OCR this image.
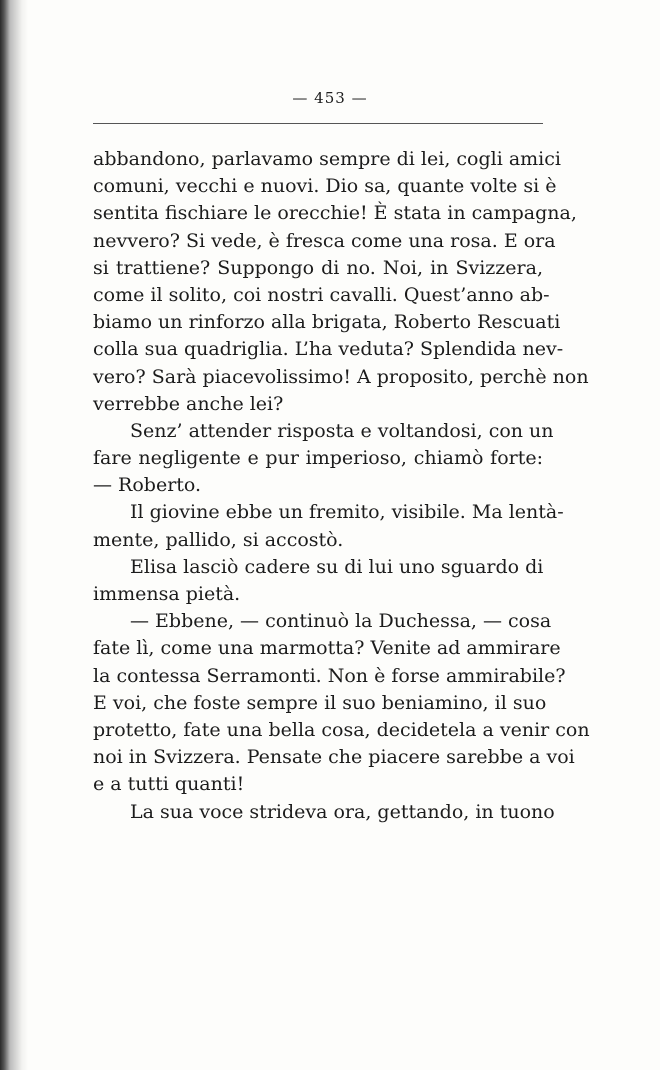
— 453 —
abbandono, parlavamo sempre di lei, cogli amici
comuni, vecchi e nuovi. Dio sa, quante volte si è
sentita fischiare le orecchie! È stata in campagna,
nevvero? Si vede, è fresca come una rosa. E ora
si trattiene? Suppongo di no. Noi, in Svizzera,
come il solito, coi nostri cavalli. Quest’anno ab-
biamo un rinforzo alla brigata, Roberto Rescuati
colla sua quadriglia. L’ha veduta? Splendida nev-
vero? Sarà piacevolissimo! A proposito, perchè non
verrebbe anche lei?
Senz’ attender risposta e voltandosi, con un
fare negligente e pur imperioso, chiamò forte:
— Roberto.
Il giovine ebbe un fremito, visibile. Ma lentà-
mente, pallido, si accostò.
Elisa lasciò cadere su di lui uno sguardo di
immensa pietà.
— Ebbene, — continuò la Duchessa, — cosa
fate lì, come una marmotta? Venite ad ammirare
la contessa Serramonti. Non è forse ammirabile?
E voi, che foste sempre il suo beniamino, il suo
protetto, fate una bella cosa, decidetela a venir con
noi in Svizzera. Pensate che piacere sarebbe a voi
e a tutti quanti!
La sua voce strideva ora, gettando, in tuono
